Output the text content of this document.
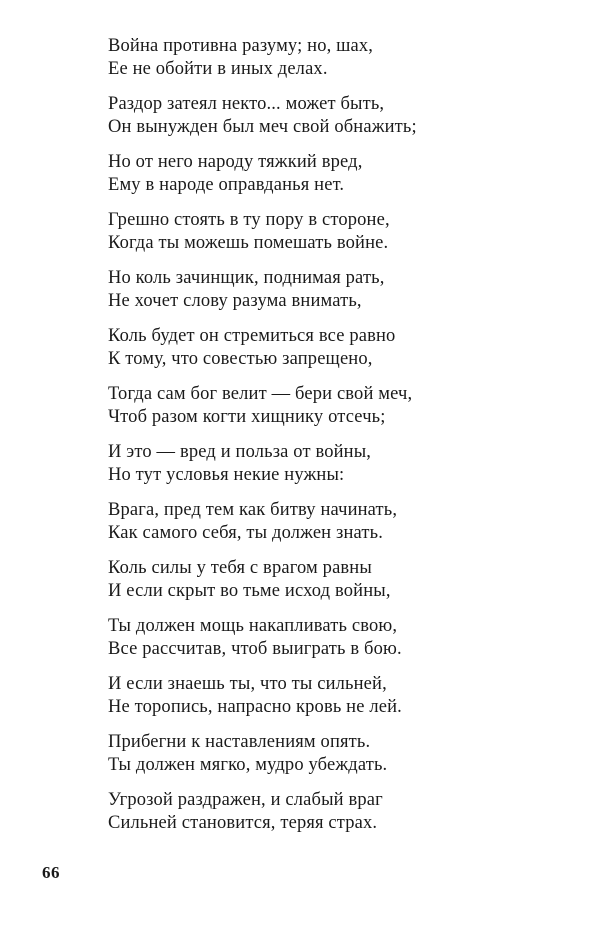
Война противна разуму; но, шах,
Ее не обойти в иных делах.
Раздор затеял некто... может быть,
Он вынужден был меч свой обнажить;
Но от него народу тяжкий вред,
Ему в народе оправданья нет.
Грешно стоять в ту пору в стороне,
Когда ты можешь помешать войне.
Но коль зачинщик, поднимая рать,
Не хочет слову разума внимать,
Коль будет он стремиться все равно
К тому, что совестью запрещено,
Тогда сам бог велит — бери свой меч,
Чтоб разом когти хищнику отсечь;
И это — вред и польза от войны,
Но тут условья некие нужны:
Врага, пред тем как битву начинать,
Как самого себя, ты должен знать.
Коль силы у тебя с врагом равны
И если скрыт во тьме исход войны,
Ты должен мощь накапливать свою,
Все рассчитав, чтоб выиграть в бою.
И если знаешь ты, что ты сильней,
Не торопись, напрасно кровь не лей.
Прибегни к наставлениям опять.
Ты должен мягко, мудро убеждать.
Угрозой раздражен, и слабый враг
Сильней становится, теряя страх.
66
